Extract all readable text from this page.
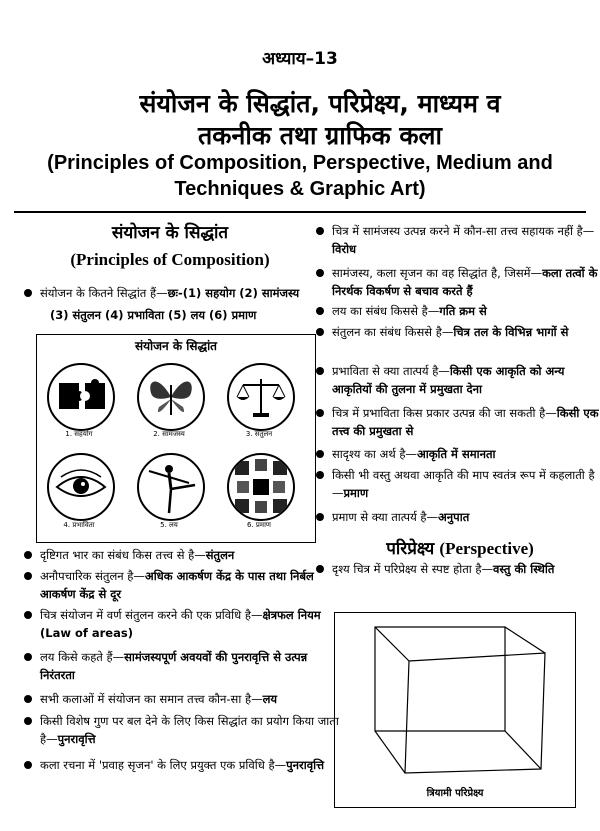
अध्याय–13
संयोजन के सिद्धांत, परिप्रेक्ष्य, माध्यम व
तकनीक तथा ग्राफिक कला
(Principles of Composition, Perspective, Medium and
Techniques & Graphic Art)
संयोजन के सिद्धांत
(Principles of Composition)
संयोजन के कितने सिद्धांत हैं—छः-(1) सहयोग (2) सामंजस्य
(3) संतुलन (4) प्रभाविता (5) लय (6) प्रमाण
संयोजन के सिद्धांत
1. सहयोग	2. सामंजस्य	3. संतुलन
4. प्रभाविता	5. लय	6. प्रमाण
दृष्टिगत भार का संबंध किस तत्त्व से है—संतुलन
अनौपचारिक संतुलन है—अधिक आकर्षण केंद्र के पास तथा निर्बल आकर्षण केंद्र से दूर
चित्र संयोजन में वर्ण संतुलन करने की एक प्रविधि है—क्षेत्रफल नियम (Law of areas)
लय किसे कहते हैं—सामंजस्यपूर्ण अवयवों की पुनरावृत्ति से उत्पन्न निरंतरता
सभी कलाओं में संयोजन का समान तत्त्व कौन-सा है—लय
किसी विशेष गुण पर बल देने के लिए किस सिद्धांत का प्रयोग किया जाता है—पुनरावृत्ति
कला रचना में 'प्रवाह सृजन' के लिए प्रयुक्त एक प्रविधि है—पुनरावृत्ति
चित्र में सामंजस्य उत्पन्न करने में कौन-सा तत्त्व सहायक नहीं है—विरोध
सामंजस्य, कला सृजन का वह सिद्धांत है, जिसमें—कला तत्वों के निरर्थक विकर्षण से बचाव करते हैं
लय का संबंध किससे है—गति क्रम से
संतुलन का संबंध किससे है—चित्र तल के विभिन्न भागों से
प्रभाविता से क्या तात्पर्य है—किसी एक आकृति को अन्य आकृतियों की तुलना में प्रमुखता देना
चित्र में प्रभाविता किस प्रकार उत्पन्न की जा सकती है—किसी एक तत्त्व की प्रमुखता से
सादृश्य का अर्थ है—आकृति में समानता
किसी भी वस्तु अथवा आकृति की माप स्वतंत्र रूप में कहलाती है—प्रमाण
प्रमाण से क्या तात्पर्य है—अनुपात
परिप्रेक्ष्य (Perspective)
दृश्य चित्र में परिप्रेक्ष्य से स्पष्ट होता है—वस्तु की स्थिति
त्रियामी परिप्रेक्ष्य
